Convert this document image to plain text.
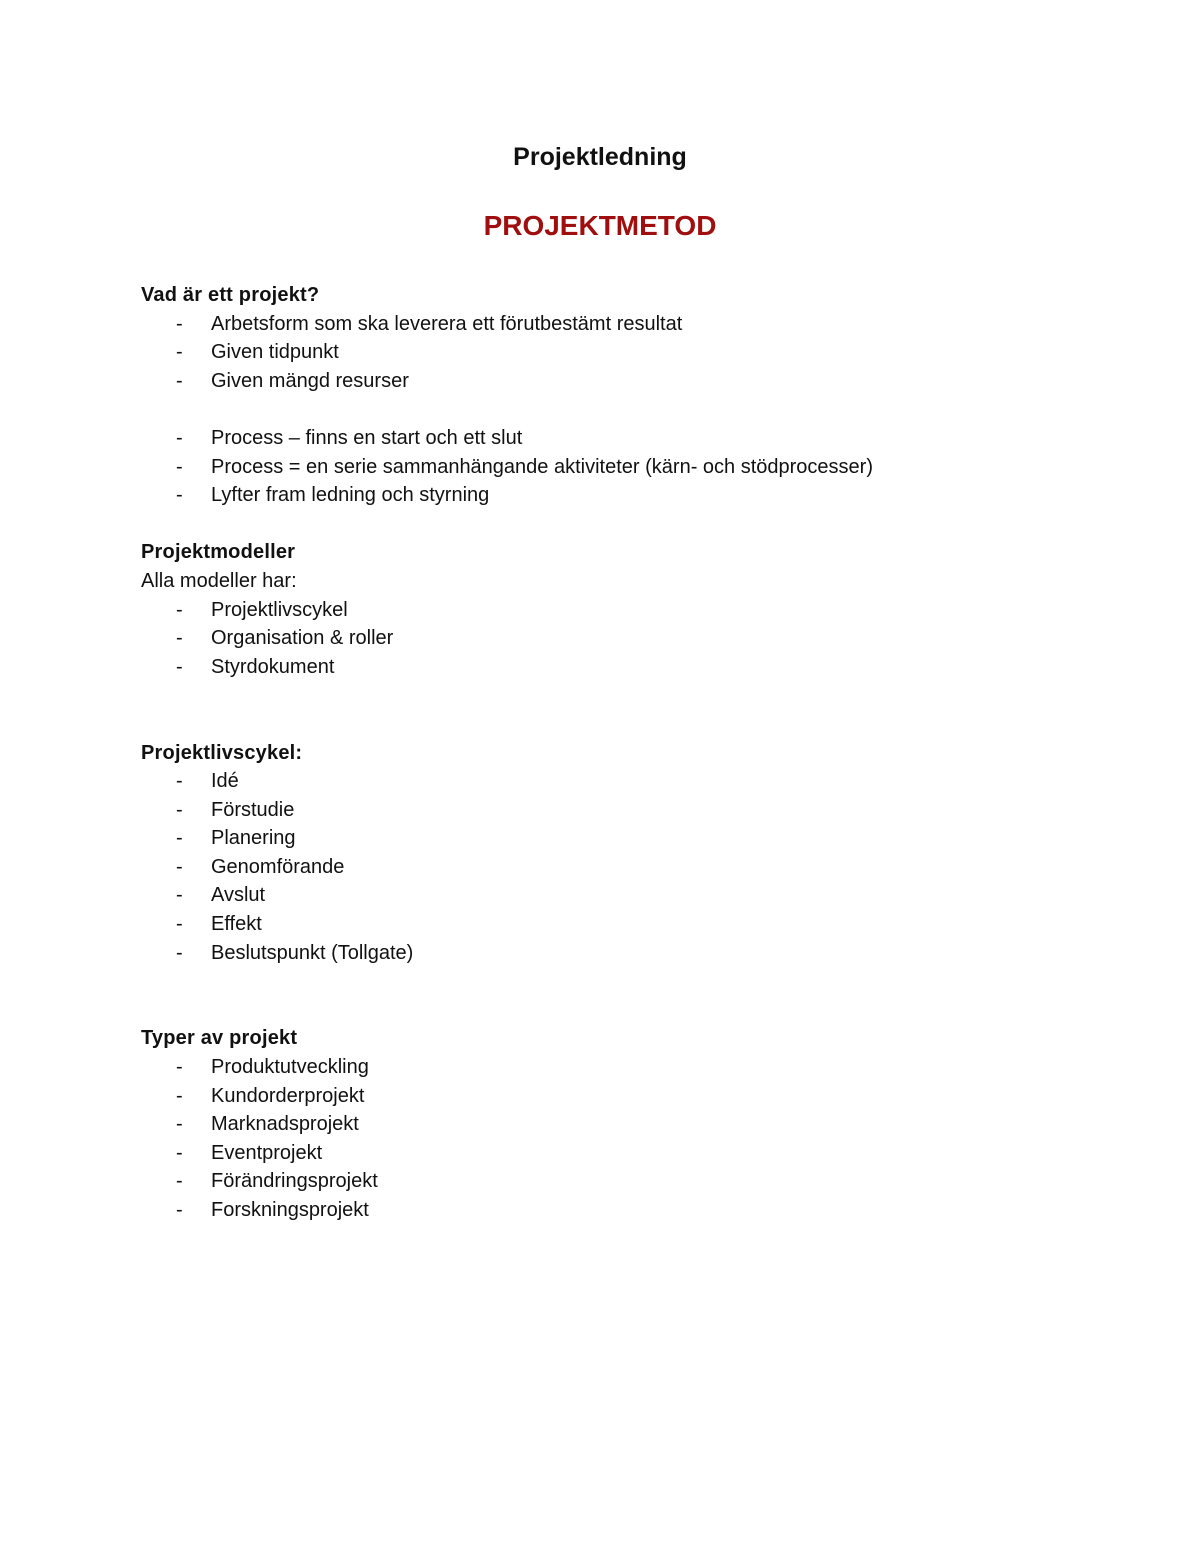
Projektledning
PROJEKTMETOD

Vad är ett projekt?

- Arbetsform som ska leverera ett förutbestämt resultat
- Given tidpunkt
- Given mängd resurser
- Process – finns en start och ett slut
- Process = en serie sammanhängande aktiviteter (kärn- och stödprocesser)
- Lyfter fram ledning och styrning

Projektmodeller

Alla modeller har:

- Projektlivscykel
- Organisation & roller
- Styrdokument

Projektlivscykel:

- Idé
- Förstudie
- Planering
- Genomförande
- Avslut
- Effekt
- Beslutspunkt (Tollgate)

Typer av projekt

- Produktutveckling
- Kundorderprojekt
- Marknadsprojekt
- Eventprojekt
- Förändringsprojekt
- Forskningsprojekt
